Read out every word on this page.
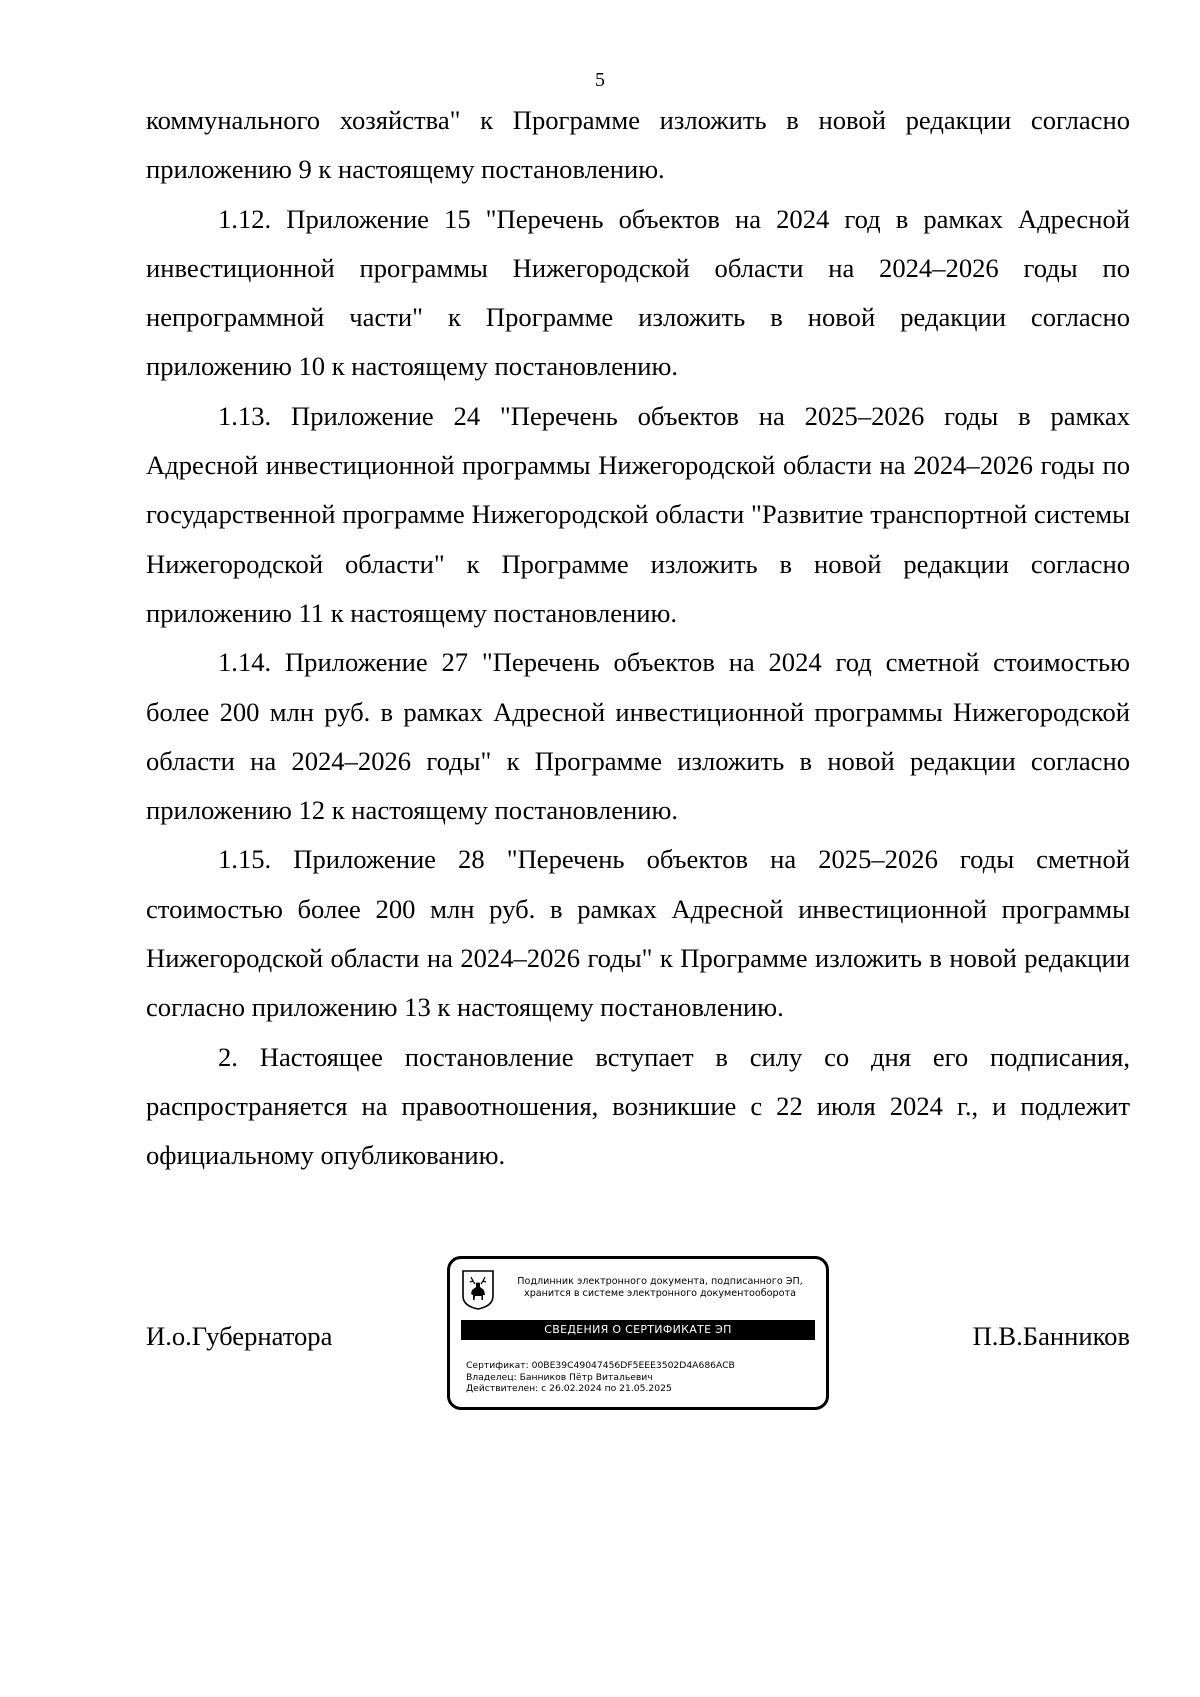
5

коммунального хозяйства" к Программе изложить в новой редакции согласно приложению 9 к настоящему постановлению.

1.12. Приложение 15 "Перечень объектов на 2024 год в рамках Адресной инвестиционной программы Нижегородской области на 2024–2026 годы по непрограммной части" к Программе изложить в новой редакции согласно приложению 10 к настоящему постановлению.

1.13. Приложение 24 "Перечень объектов на 2025–2026 годы в рамках Адресной инвестиционной программы Нижегородской области на 2024–2026 годы по государственной программе Нижегородской области "Развитие транспортной системы Нижегородской области" к Программе изложить в новой редакции согласно приложению 11 к настоящему постановлению.

1.14. Приложение 27 "Перечень объектов на 2024 год сметной стоимостью более 200 млн руб. в рамках Адресной инвестиционной программы Нижегородской области на 2024–2026 годы" к Программе изложить в новой редакции согласно приложению 12 к настоящему постановлению.

1.15. Приложение 28 "Перечень объектов на 2025–2026 годы сметной стоимостью более 200 млн руб. в рамках Адресной инвестиционной программы Нижегородской области на 2024–2026 годы" к Программе изложить в новой редакции согласно приложению 13 к настоящему постановлению.

2. Настоящее постановление вступает в силу со дня его подписания, распространяется на правоотношения, возникшие с 22 июля 2024 г., и подлежит официальному опубликованию.

И.о.Губернатора	П.В.Банников
Подлинник электронного документа, подписанного ЭП,
хранится в системе электронного документооборота
СВЕДЕНИЯ О СЕРТИФИКАТЕ ЭП
Сертификат: 00BE39C49047456DF5EEE3502D4A686ACB
Владелец: Банников Пётр Витальевич
Действителен: с 26.02.2024 по 21.05.2025
